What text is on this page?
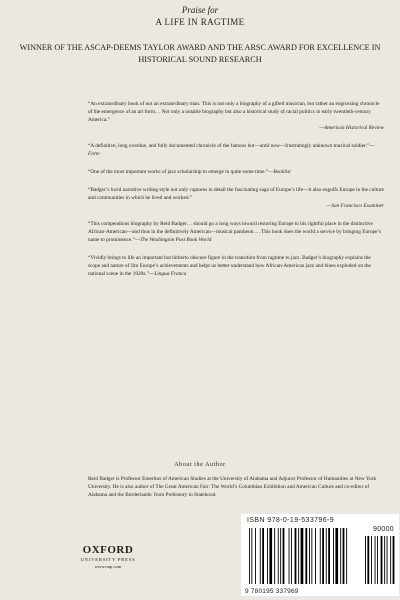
Praise for
A LIFE IN RAGTIME
WINNER OF THE ASCAP-DEEMS TAYLOR AWARD AND THE ARSC AWARD FOR EXCELLENCE IN HISTORICAL SOUND RESEARCH
“An extraordinary book of not an extraordinary man. This is not only a biography of a gifted musician, but rather an engrossing chronicle of the emergence of an art form… Not only a notable biography but also a historical study of racial politics in early twentieth-century America.”
—American Historical Review
“A definitive, long overdue, and fully documented chronicle of the famous but—until now—frustratingly unknown musical soldier.”—Forte
“One of the most important works of jazz scholarship to emerge in quite some time.”—Booklist
“Badger’s lucid narrative writing style not only captures in detail the fascinating saga of Europe’s life—it also engulfs Europe in the culture and communities in which he lived and worked.”
—San Francisco Examiner
“This compendious biography by Reid Badger… should go a long ways toward restoring Europe to his rightful place in the distinctive African-American—and thus in the definitively American—musical pantheon…. This book does the world a service by bringing Europe’s name to prominence.”—The Washington Post Book World
“Vividly brings to life an important but hitherto obscure figure in the transition from ragtime to jazz. Badger’s biography explains the scope and nature of Jim Europe’s achievements and helps us better understand how African-American jazz and blues exploded on the national scene in the 1920s.”—Lingua Franca
About the Author
Reid Badger is Professor Emeritus of American Studies at the University of Alabama and Adjunct Professor of Humanities at New York University. He is also author of The Great American Fair: The World’s Columbian Exhibition and American Culture and co-editor of Alabama and the Borderlands: from Prehistory to Statehood.
OXFORD
UNIVERSITY PRESS
www.oup.com
ISBN 978-0-19-533796-9
90000
9 780195 337969
